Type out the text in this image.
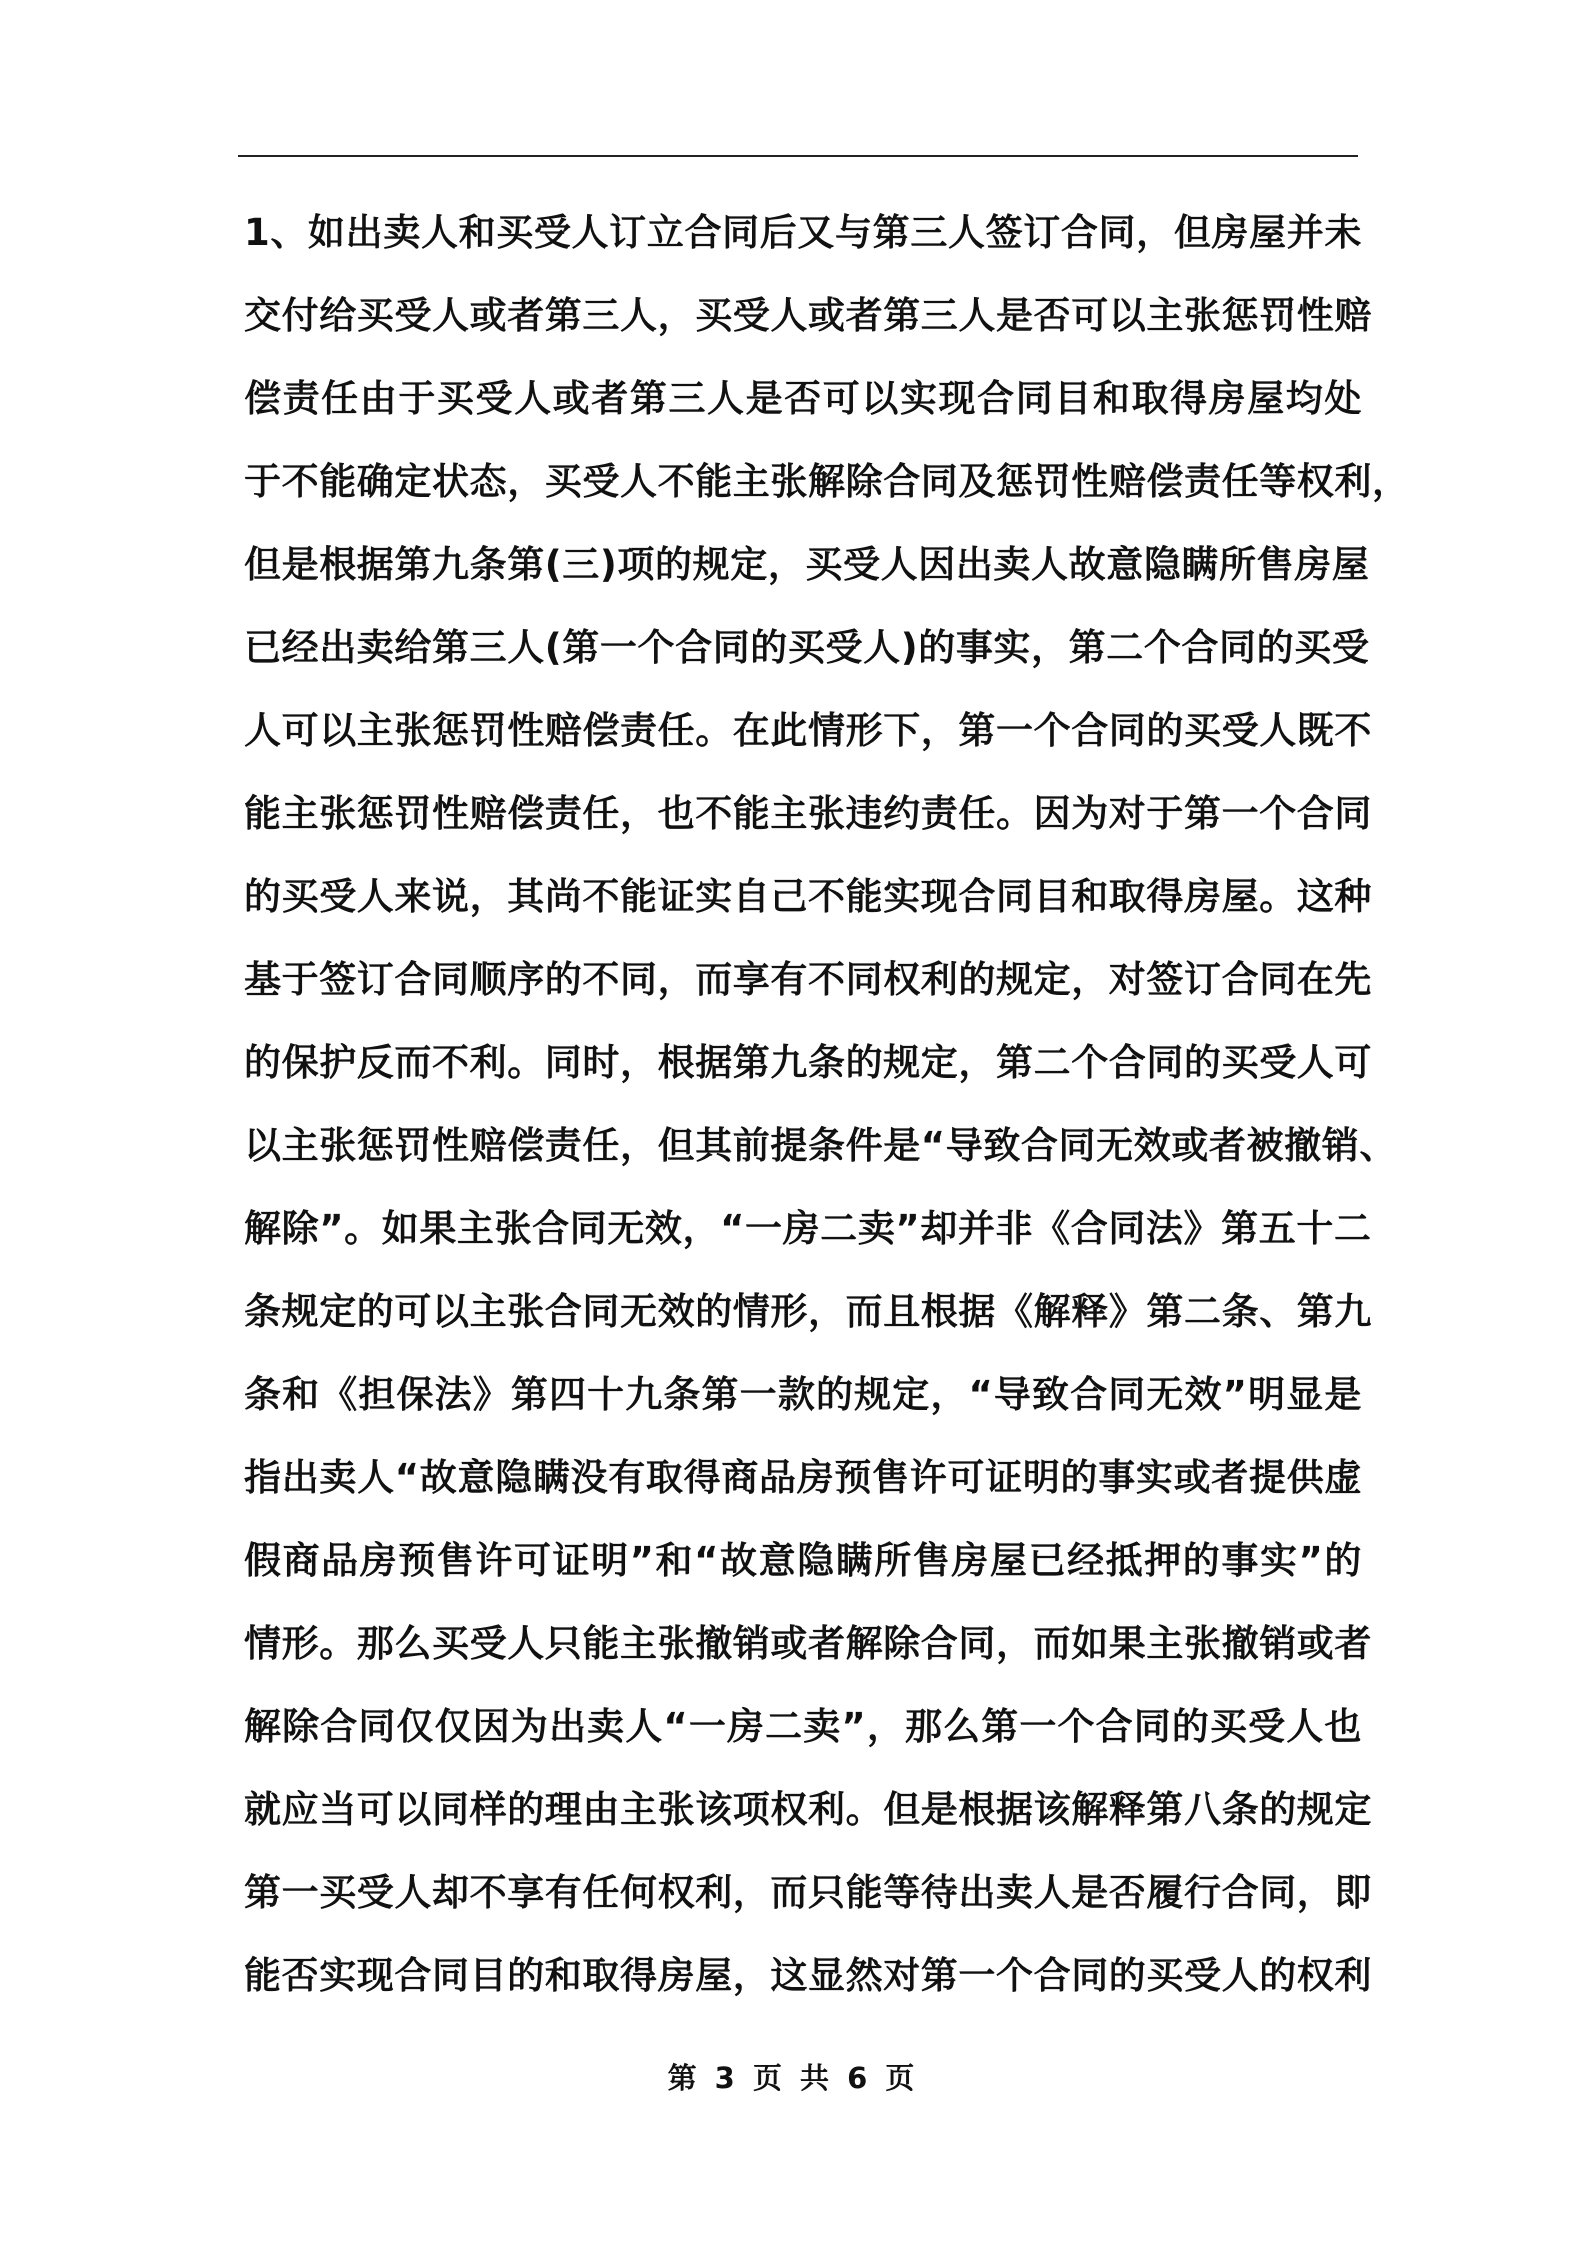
1、如出卖人和买受人订立合同后又与第三人签订合同，但房屋并未
交付给买受人或者第三人，买受人或者第三人是否可以主张惩罚性赔
偿责任由于买受人或者第三人是否可以实现合同目和取得房屋均处
于不能确定状态，买受人不能主张解除合同及惩罚性赔偿责任等权利，
但是根据第九条第(三)项的规定，买受人因出卖人故意隐瞒所售房屋
已经出卖给第三人(第一个合同的买受人)的事实，第二个合同的买受
人可以主张惩罚性赔偿责任。在此情形下，第一个合同的买受人既不
能主张惩罚性赔偿责任，也不能主张违约责任。因为对于第一个合同
的买受人来说，其尚不能证实自己不能实现合同目和取得房屋。这种
基于签订合同顺序的不同，而享有不同权利的规定，对签订合同在先
的保护反而不利。同时，根据第九条的规定，第二个合同的买受人可
以主张惩罚性赔偿责任，但其前提条件是“导致合同无效或者被撤销、
解除”。如果主张合同无效，“一房二卖”却并非《合同法》第五十二
条规定的可以主张合同无效的情形，而且根据《解释》第二条、第九
条和《担保法》第四十九条第一款的规定，“导致合同无效”明显是
指出卖人“故意隐瞒没有取得商品房预售许可证明的事实或者提供虚
假商品房预售许可证明”和“故意隐瞒所售房屋已经抵押的事实”的
情形。那么买受人只能主张撤销或者解除合同，而如果主张撤销或者
解除合同仅仅因为出卖人“一房二卖”，那么第一个合同的买受人也
就应当可以同样的理由主张该项权利。但是根据该解释第八条的规定
第一买受人却不享有任何权利，而只能等待出卖人是否履行合同，即
能否实现合同目的和取得房屋，这显然对第一个合同的买受人的权利
第 3 页 共 6 页
